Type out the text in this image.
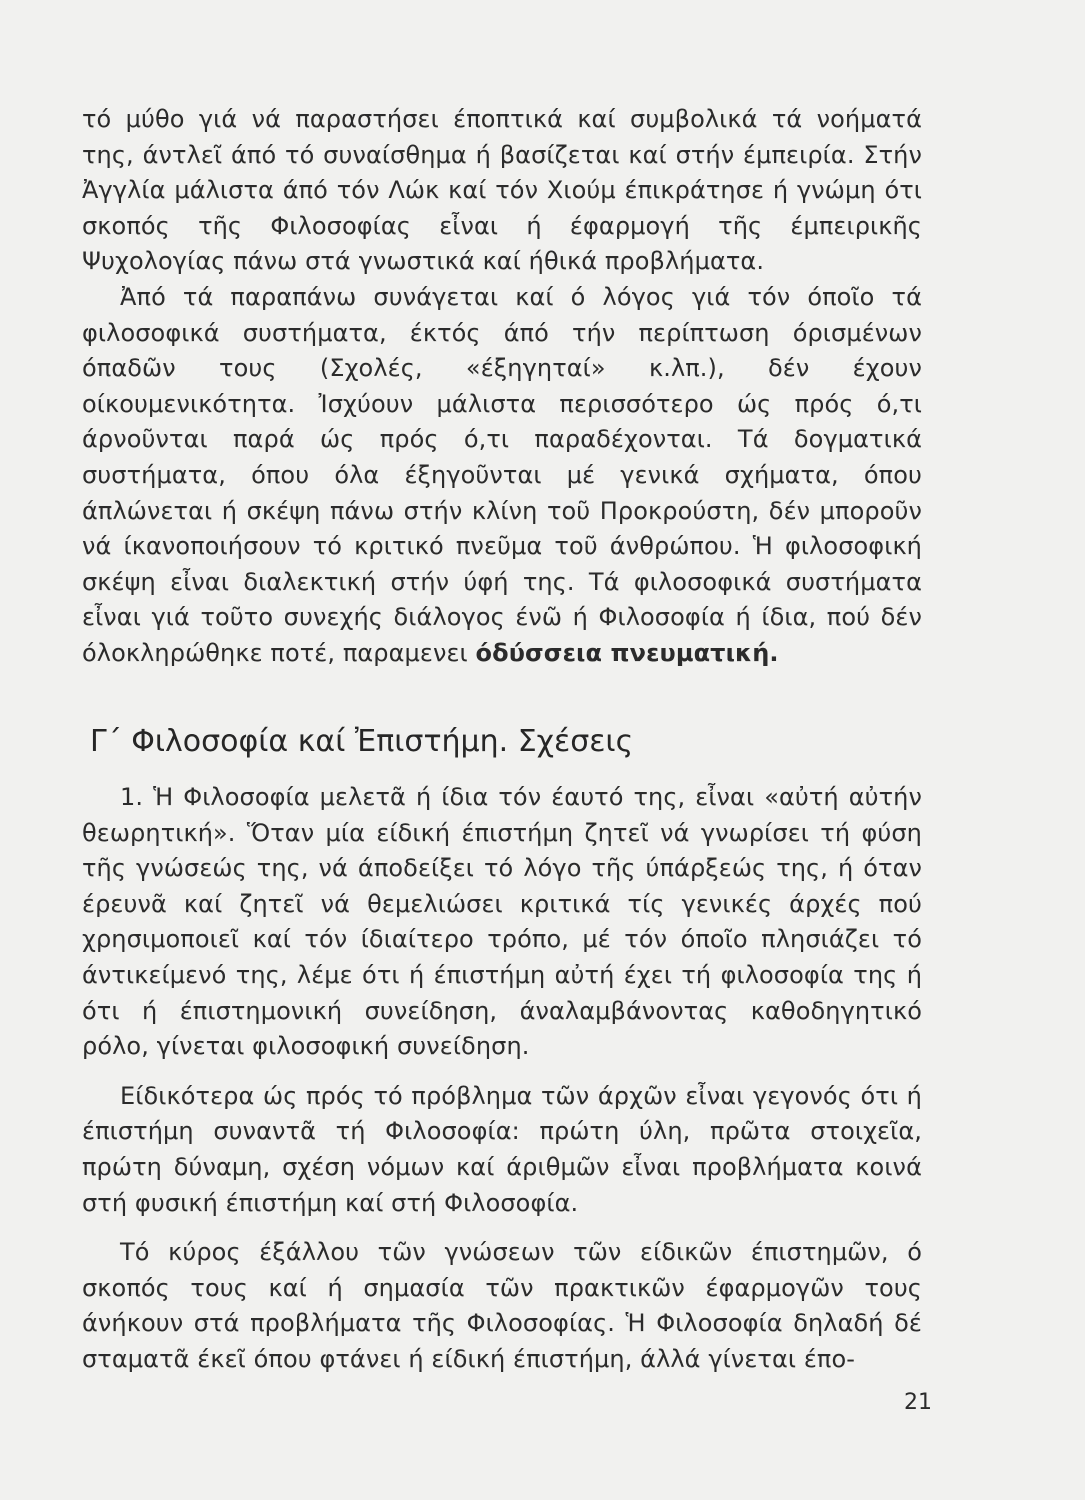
τό μύθο γιά νά παραστήσει έποπτικά καί συμβολικά τά νοήματά της, άντλεῖ άπό τό συναίσθημα ή βασίζεται καί στήν έμπειρία. Στήν Ἀγγλία μάλιστα άπό τόν Λώκ καί τόν Χιούμ έπικράτησε ή γνώμη ότι σκοπός τῆς Φιλοσοφίας εἶναι ή έφαρμογή τῆς έμπειρικῆς Ψυχολογίας πάνω στά γνωστικά καί ήθικά προβλήματα.

Ἀπό τά παραπάνω συνάγεται καί ό λόγος γιά τόν όποῖο τά φιλοσοφικά συστήματα, έκτός άπό τήν περίπτωση όρισμένων όπαδῶν τους (Σχολές, «έξηγηταί» κ.λπ.), δέν έχουν οίκουμενικότητα. Ἰσχύουν μάλιστα περισσότερο ώς πρός ό,τι άρνοῦνται παρά ώς πρός ό,τι παραδέχονται. Τά δογματικά συστήματα, όπου όλα έξηγοῦνται μέ γενικά σχήματα, όπου άπλώνεται ή σκέψη πάνω στήν κλίνη τοῦ Προκρούστη, δέν μποροῦν νά ίκανοποιήσουν τό κριτικό πνεῦμα τοῦ άνθρώπου. Ἡ φιλοσοφική σκέψη εἶναι διαλεκτική στήν ύφή της. Τά φιλοσοφικά συστήματα εἶναι γιά τοῦτο συνεχής διάλογος ένῶ ή Φιλοσοφία ή ίδια, πού δέν όλοκληρώθηκε ποτέ, παραμενει όδύσσεια πνευματική.

Γ΄ Φιλοσοφία καί Ἐπιστήμη. Σχέσεις

1. Ἡ Φιλοσοφία μελετᾶ ή ίδια τόν έαυτό της, εἶναι «αὐτή αὐτήν θεωρητική». Ὅταν μία είδική έπιστήμη ζητεῖ νά γνωρίσει τή φύση τῆς γνώσεώς της, νά άποδείξει τό λόγο τῆς ύπάρξεώς της, ή όταν έρευνᾶ καί ζητεῖ νά θεμελιώσει κριτικά τίς γενικές άρχές πού χρησιμοποιεῖ καί τόν ίδιαίτερο τρόπο, μέ τόν όποῖο πλησιάζει τό άντικείμενό της, λέμε ότι ή έπιστήμη αὐτή έχει τή φιλοσοφία της ή ότι ή έπιστημονική συνείδηση, άναλαμβάνοντας καθοδηγητικό ρόλο, γίνεται φιλοσοφική συνείδηση.

Είδικότερα ώς πρός τό πρόβλημα τῶν άρχῶν εἶναι γεγονός ότι ή έπιστήμη συναντᾶ τή Φιλοσοφία: πρώτη ύλη, πρῶτα στοιχεῖα, πρώτη δύναμη, σχέση νόμων καί άριθμῶν εἶναι προβλήματα κοινά στή φυσική έπιστήμη καί στή Φιλοσοφία.

Τό κύρος έξάλλου τῶν γνώσεων τῶν είδικῶν έπιστημῶν, ό σκοπός τους καί ή σημασία τῶν πρακτικῶν έφαρμογῶν τους άνήκουν στά προβλήματα τῆς Φιλοσοφίας. Ἡ Φιλοσοφία δηλαδή δέ σταματᾶ έκεῖ όπου φτάνει ή είδική έπιστήμη, άλλά γίνεται έπο-

21
